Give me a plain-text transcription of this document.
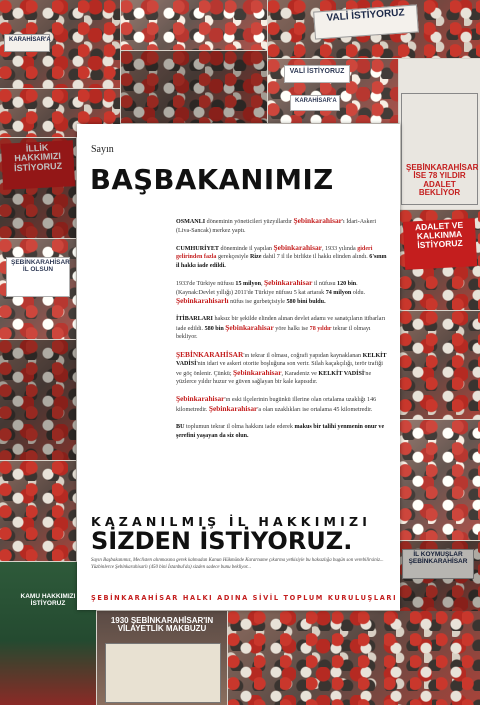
KARAHİSAR'A
VALİ İSTİYORUZ
VALİ İSTİYORUZ
KARAHİSAR'A
ŞEBİNKARAHİSAR İSE 78 YILDIR ADALET BEKLİYOR
İLLİK HAKKIMIZI İSTİYORUZ
ADALET VE KALKINMA İSTİYORUZ
ŞEBİNKARAHİSAR İL OLSUN
İL KOYMUŞLAR ŞEBİNKARAHİSAR
KAMU HAKKIMIZI İSTİYORUZ
1930 ŞEBİNKARAHİSAR'IN VİLAYETLİK MAKBUZU
Sayın
BAŞBAKANIMIZ

OSMANLI döneminin yöneticileri yüzyıllardır Şebinkarahisar'ı İdari-Askeri (Liva-Sancak) merkez yaptı.

CUMHURİYET döneminde il yapılan Şebinkarahisar, 1933 yılında gideri gelirinden fazla gerekçesiyle Rize dahil 7 il ile birlikte il hakkı elinden alındı. 6'sının il hakkı iade edildi.

1933'de Türkiye nüfusu 15 milyon, Şebinkarahisar il nüfusu 120 bin. (Kaynak:Devlet yıllığı) 2011'de Türkiye nüfusu 5 kat artarak 74 milyon oldu. Şebinkarahisarlı nüfus ise gurbetçisiyle 580 bini buldu.

İTİBARLARI haksız bir şekilde elinden alınan devlet adamı ve sanatçıların itibarları iade edildi. 580 bin Şebinkarahisar yöre halkı ise 78 yıldır tekrar il olmayı bekliyor.

ŞEBİNKARAHİSAR'ın tekrar il olması, coğrafi yapıdan kaynaklanan KELKİT VADİSİ'nin idari ve askeri otorite boşluğuna son verir. Silah kaçakçılığı, terör trafiği ve göç önlenir. Çünkü; Şebinkarahisar, Karadeniz ve KELKİT VADİSİ'ne yüzlerce yıldır huzur ve güven sağlayan bir kale kapısıdır.

Şebinkarahisar'ın eski ilçelerinin bugünkü illerine olan ortalama uzaklığı 146 kilometredir. Şebinkarahisar'a olan uzaklıkları ise ortalama 45 kilometredir.

BU toplumun tekrar il olma hakkını iade ederek makus bir talihi yenmenin onur ve şerefini yaşayan da siz olun.

KAZANILMIŞ İL HAKKIMIZI
SİZDEN İSTİYORUZ.
Sayın Başbakanımız, Meclisten alınmasına gerek kalmadan Kanun Hükmünde Kararname çıkarma yetkisiyle bu haksızlığa bugün son verebilirsiniz... Yüzbinlerce Şebinkarahisarlı (450 bini İstanbul'da) sizden sadece bunu bekliyor...
ŞEBİNKARAHİSAR HALKI ADINA SİVİL TOPLUM KURULUŞLARI
